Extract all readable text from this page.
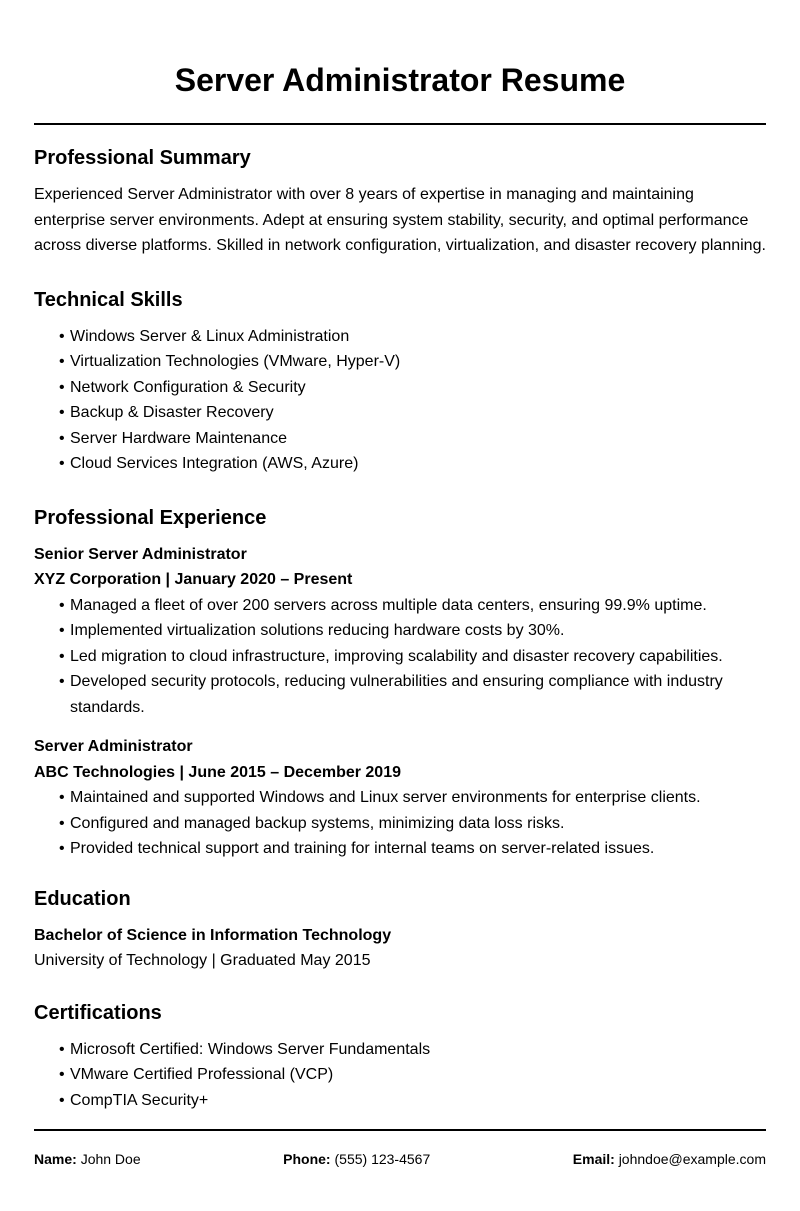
Server Administrator Resume
Professional Summary

Experienced Server Administrator with over 8 years of expertise in managing and maintaining enterprise server environments. Adept at ensuring system stability, security, and optimal performance across diverse platforms. Skilled in network configuration, virtualization, and disaster recovery planning.

Technical Skills
• Windows Server & Linux Administration
• Virtualization Technologies (VMware, Hyper-V)
• Network Configuration & Security
• Backup & Disaster Recovery
• Server Hardware Maintenance
• Cloud Services Integration (AWS, Azure)
Professional Experience

Senior Server Administrator

XYZ Corporation | January 2020 – Present

• Managed a fleet of over 200 servers across multiple data centers, ensuring 99.9% uptime.
• Implemented virtualization solutions reducing hardware costs by 30%.
• Led migration to cloud infrastructure, improving scalability and disaster recovery capabilities.
• Developed security protocols, reducing vulnerabilities and ensuring compliance with industry standards.

Server Administrator

ABC Technologies | June 2015 – December 2019

• Maintained and supported Windows and Linux server environments for enterprise clients.
• Configured and managed backup systems, minimizing data loss risks.
• Provided technical support and training for internal teams on server-related issues.
Education

Bachelor of Science in Information Technology

University of Technology | Graduated May 2015

Certifications
• Microsoft Certified: Windows Server Fundamentals
• VMware Certified Professional (VCP)
• CompTIA Security+
Name: John Doe	Phone: (555) 123-4567	Email: johndoe@example.com
